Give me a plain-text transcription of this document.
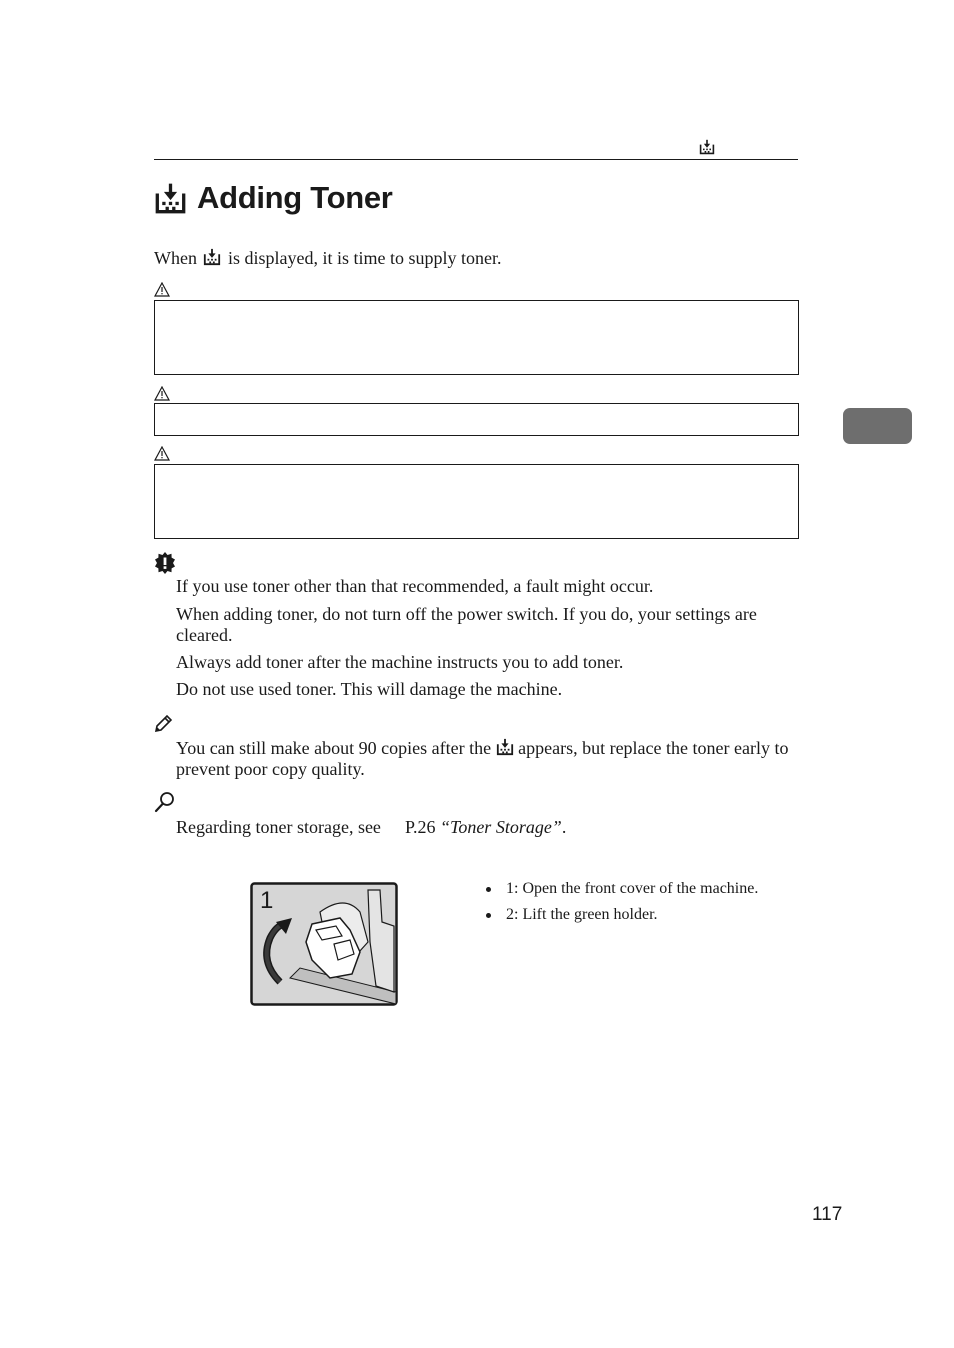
Adding Toner
When is displayed, it is time to supply toner.
If you use toner other than that recommended, a fault might occur.
When adding toner, do not turn off the power switch. If you do, your settings are cleared.
Always add toner after the machine instructs you to add toner.
Do not use used toner. This will damage the machine.
You can still make about 90 copies after the appears, but replace the toner early to prevent poor copy quality.
Regarding toner storage, see P.26 “Toner Storage”.
1	1: Open the front cover of the machine.
2: Lift the green holder.
117
